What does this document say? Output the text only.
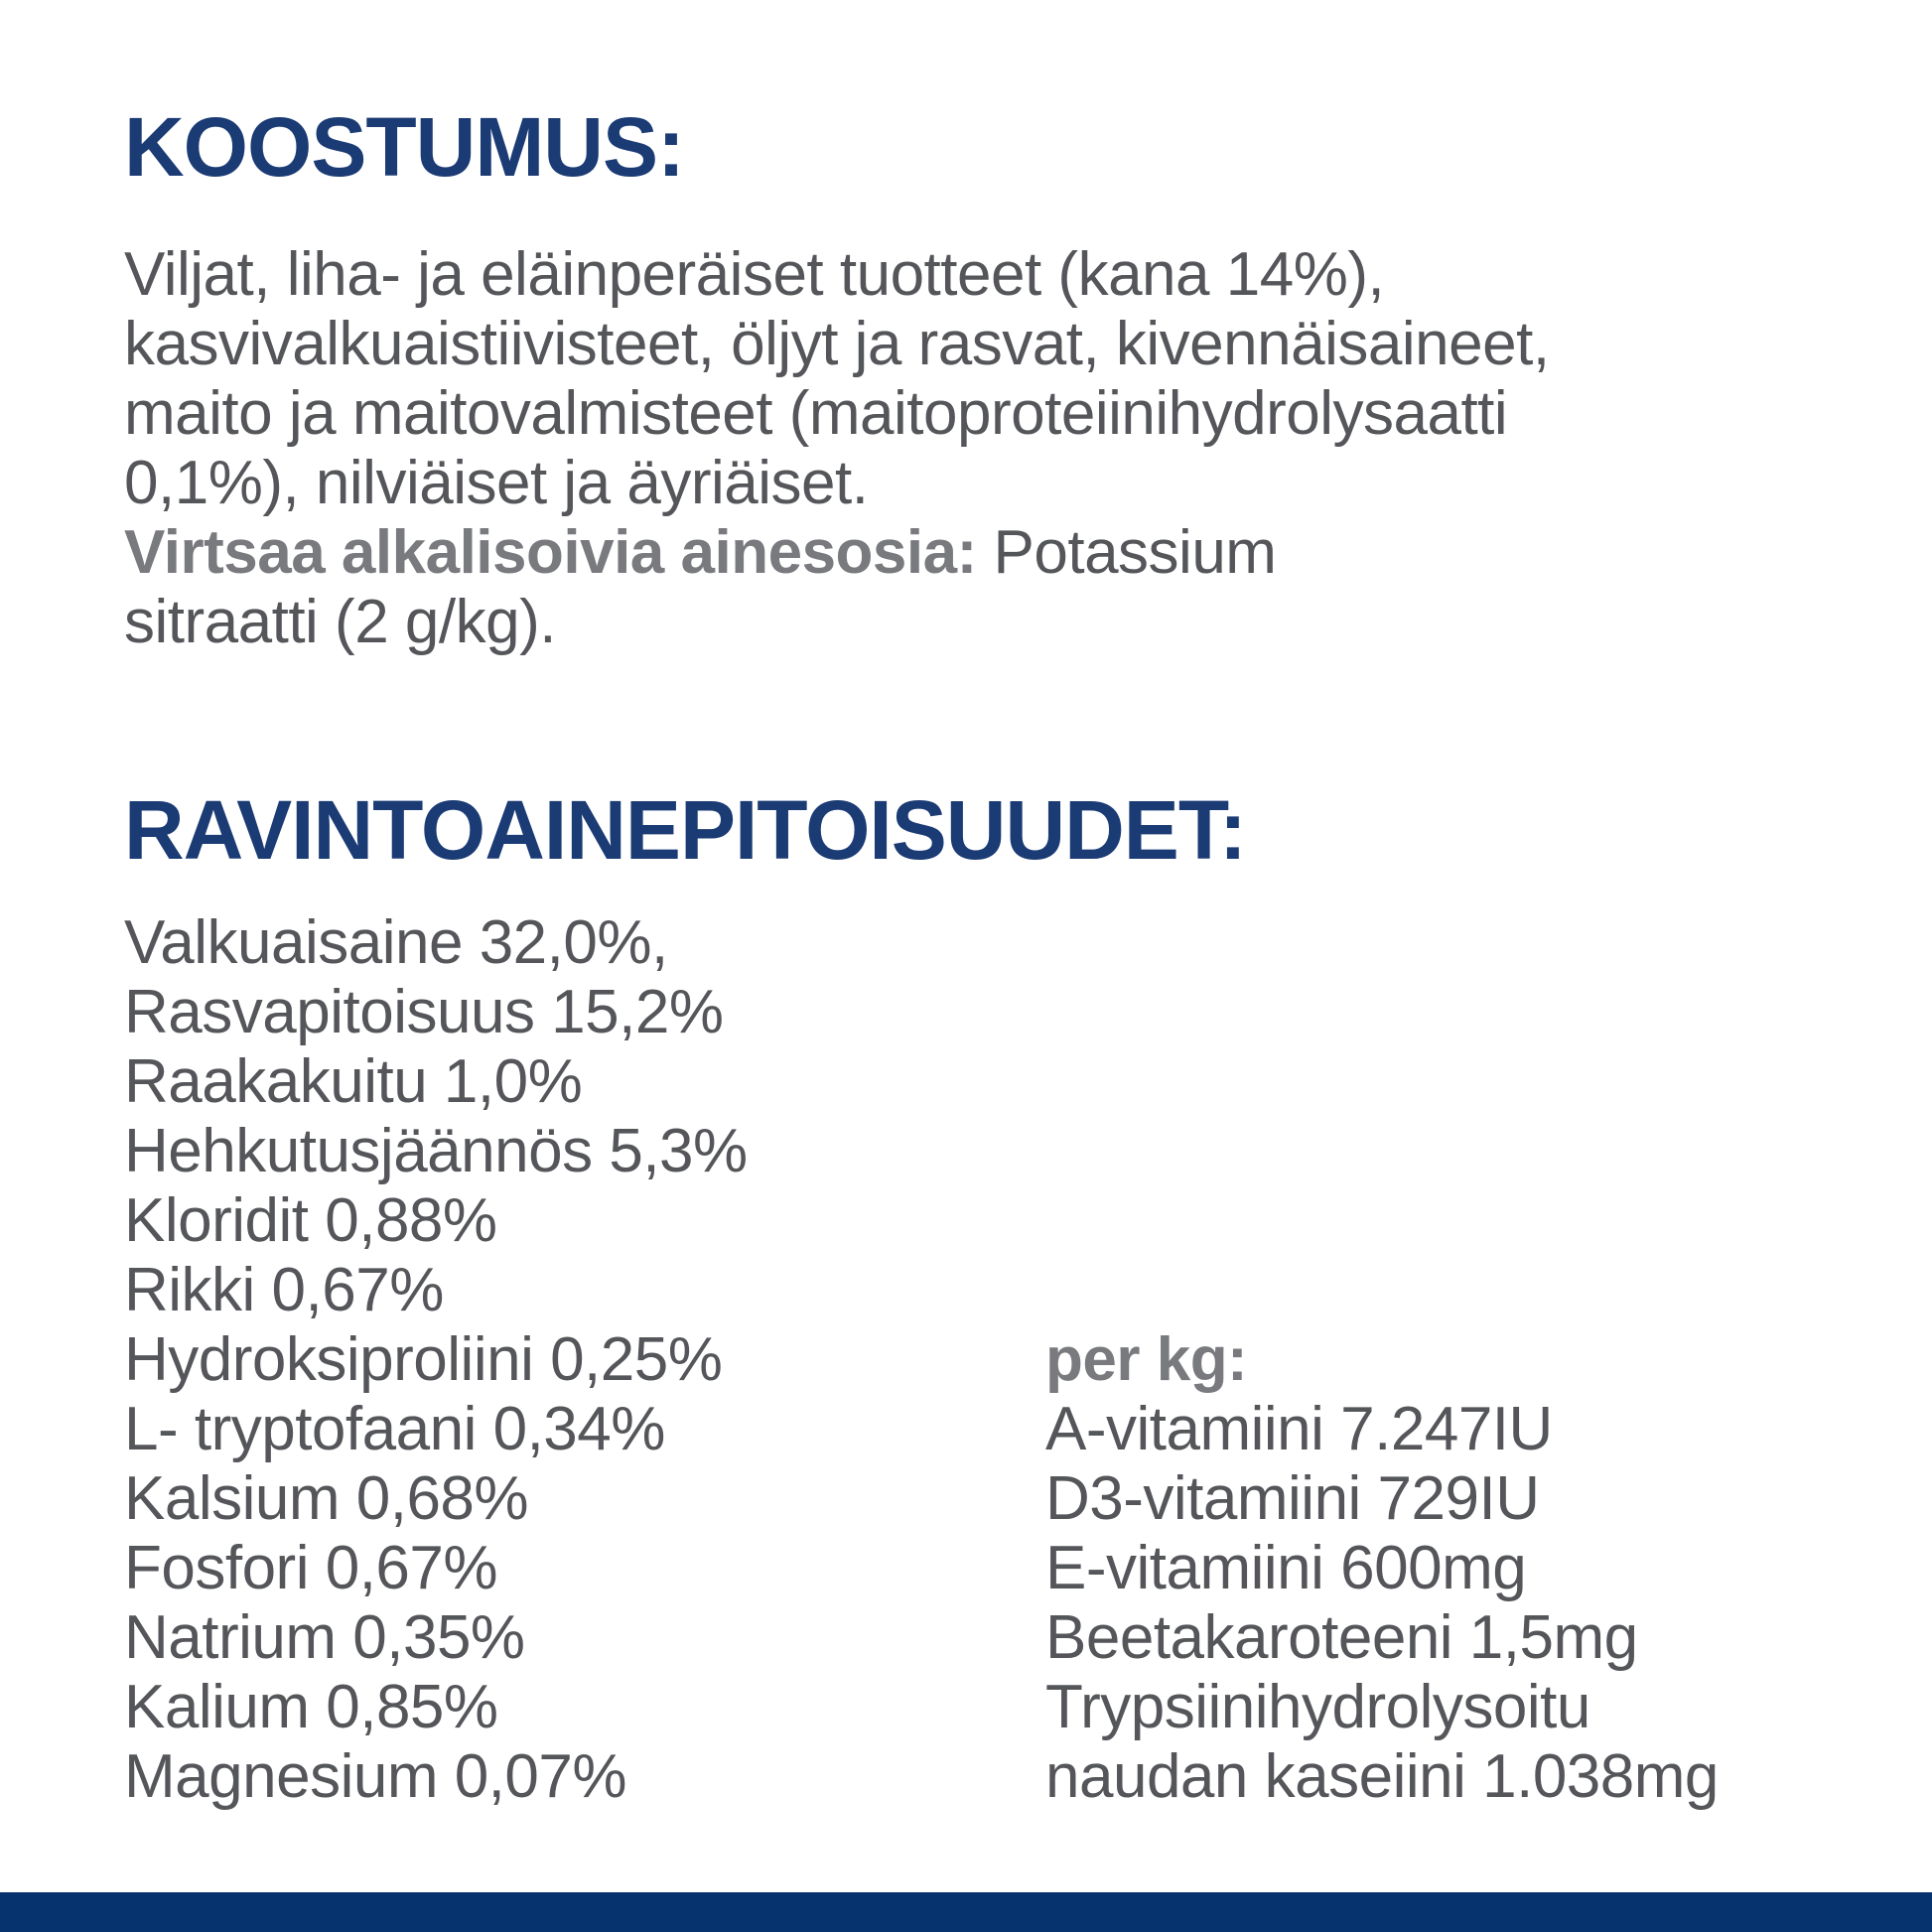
KOOSTUMUS:
Viljat, liha- ja eläinperäiset tuotteet (kana 14%),
kasvivalkuaistiivisteet, öljyt ja rasvat, kivennäisaineet,
maito ja maitovalmisteet (maitoproteiinihydrolysaatti
0,1%), nilviäiset ja äyriäiset.
Virtsaa alkalisoivia ainesosia: Potassium
sitraatti (2 g/kg).
RAVINTOAINEPITOISUUDET:
Valkuaisaine 32,0%,
Rasvapitoisuus 15,2%
Raakakuitu 1,0%
Hehkutusjäännös 5,3%
Kloridit 0,88%
Rikki 0,67%
Hydroksiproliini 0,25%
L- tryptofaani 0,34%
Kalsium 0,68%
Fosfori 0,67%
Natrium 0,35%
Kalium 0,85%
Magnesium 0,07%
per kg:
A-vitamiini 7.247IU
D3-vitamiini 729IU
E-vitamiini 600mg
Beetakaroteeni 1,5mg
Trypsiinihydrolysoitu
naudan kaseiini 1.038mg
